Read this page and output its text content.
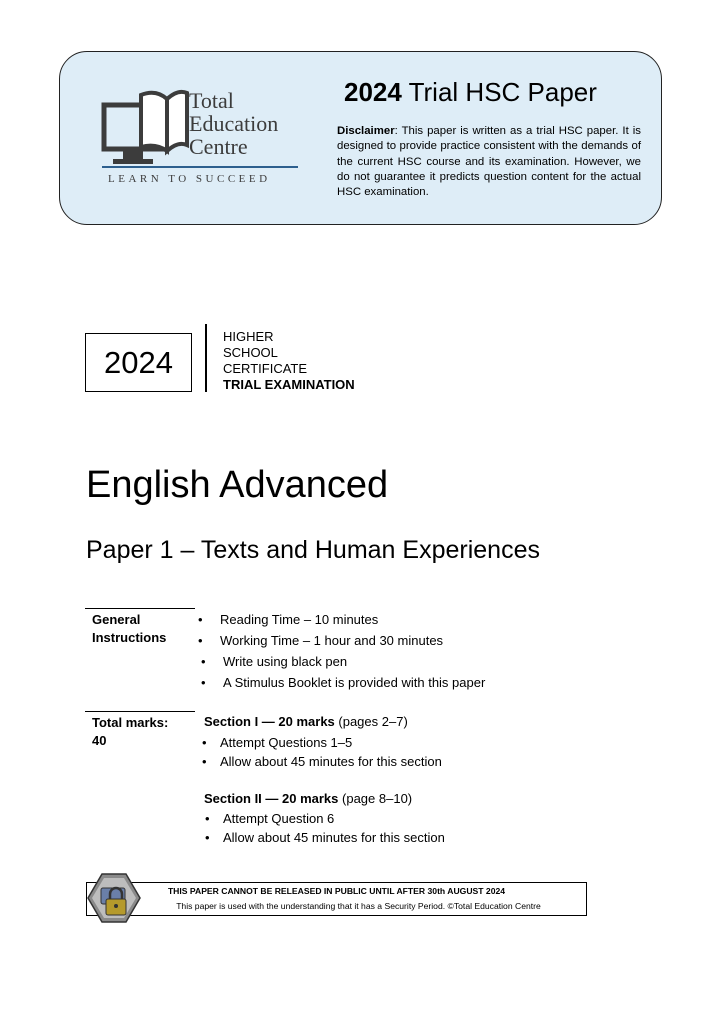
Total
Education
Centre
LEARN TO SUCCEED
2024 Trial HSC Paper
Disclaimer: This paper is written as a trial HSC paper. It is designed to provide practice consistent with the demands of the current HSC course and its examination. However, we do not guarantee it predicts question content for the actual HSC examination.
2024
HIGHER
SCHOOL
CERTIFICATE
TRIAL EXAMINATION
English Advanced
Paper 1 – Texts and Human Experiences
General
Instructions
• Reading Time – 10 minutes
• Working Time – 1 hour and 30 minutes
• Write using black pen
• A Stimulus Booklet is provided with this paper
Total marks:
40
Section I — 20 marks (pages 2–7)
• Attempt Questions 1–5
• Allow about 45 minutes for this section
Section II — 20 marks (page 8–10)
• Attempt Question 6
• Allow about 45 minutes for this section
THIS PAPER CANNOT BE RELEASED IN PUBLIC UNTIL AFTER 30th AUGUST 2024
This paper is used with the understanding that it has a Security Period. ©Total Education Centre
